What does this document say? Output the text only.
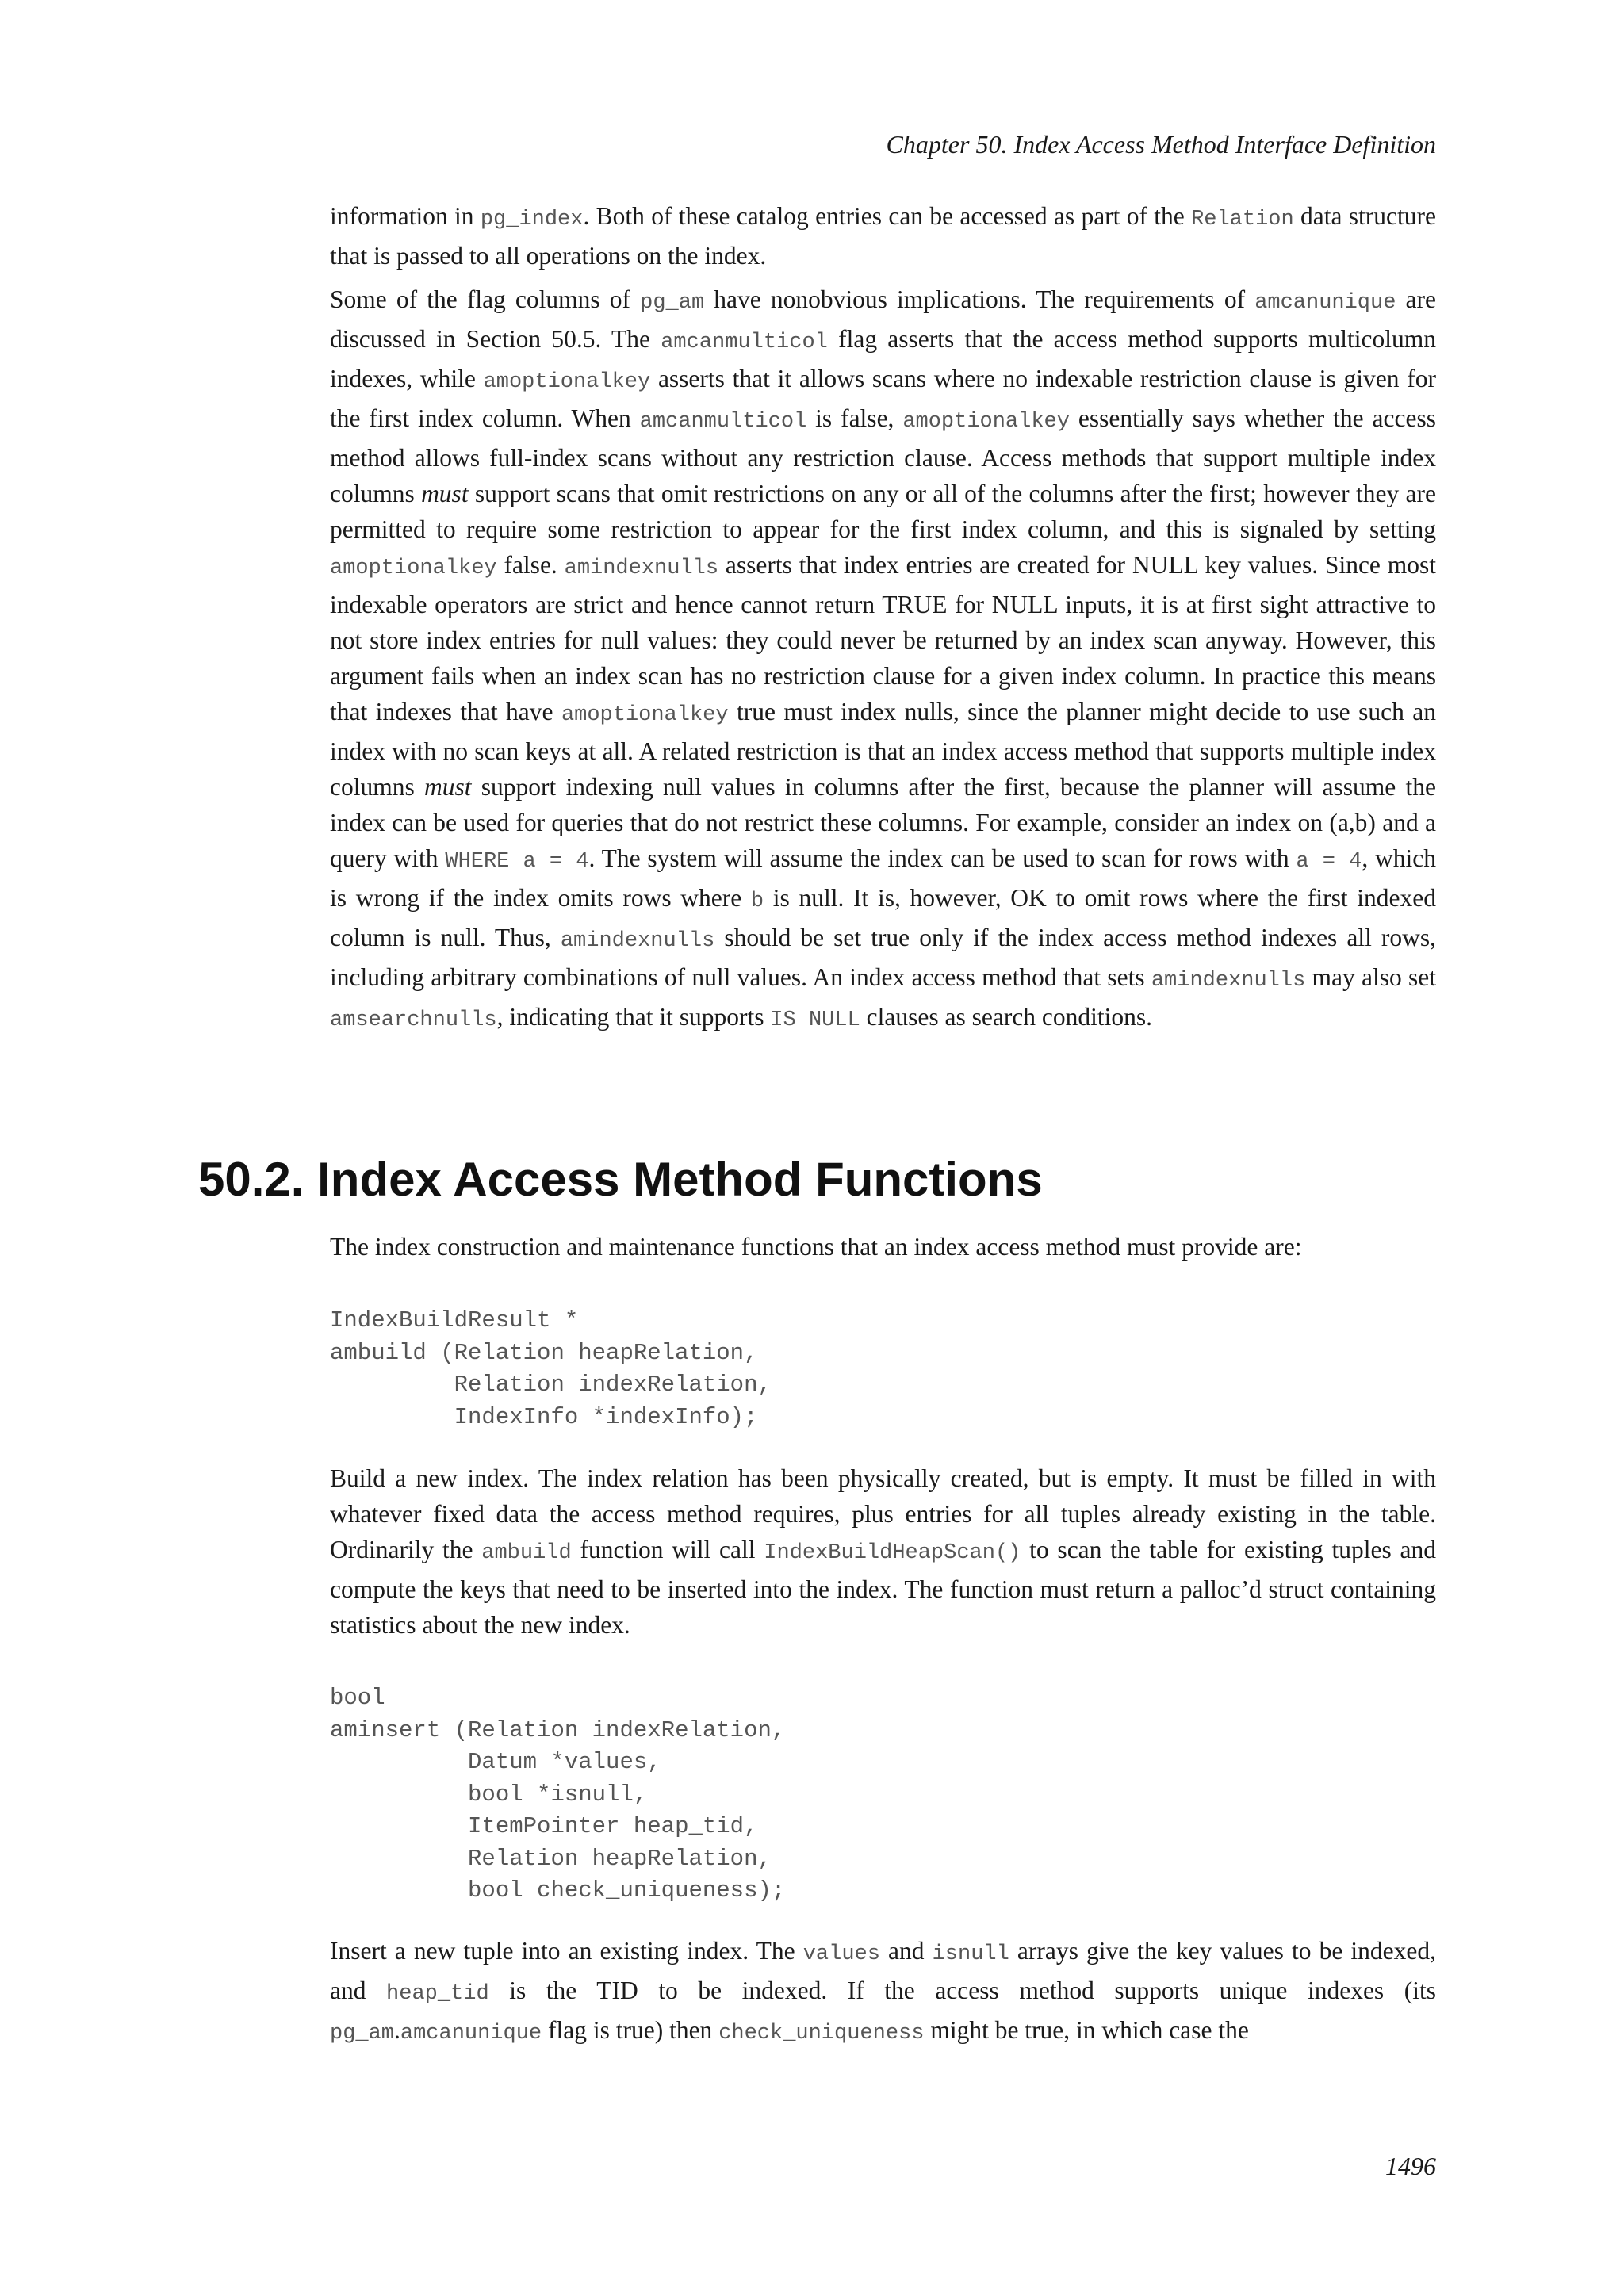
Chapter 50. Index Access Method Interface Definition

information in pg_index. Both of these catalog entries can be accessed as part of the Relation data structure that is passed to all operations on the index.

Some of the flag columns of pg_am have nonobvious implications. The requirements of amcanunique are discussed in Section 50.5. The amcanmulticol flag asserts that the access method supports multicolumn indexes, while amoptionalkey asserts that it allows scans where no indexable restriction clause is given for the first index column. When amcanmulticol is false, amoptionalkey essentially says whether the access method allows full-index scans without any restriction clause. Access methods that support multiple index columns must support scans that omit restrictions on any or all of the columns after the first; however they are permitted to require some restriction to appear for the first index column, and this is signaled by setting amoptionalkey false. amindexnulls asserts that index entries are created for NULL key values. Since most indexable operators are strict and hence cannot return TRUE for NULL inputs, it is at first sight attractive to not store index entries for null values: they could never be returned by an index scan anyway. However, this argument fails when an index scan has no restriction clause for a given index column. In practice this means that indexes that have amoptionalkey true must index nulls, since the planner might decide to use such an index with no scan keys at all. A related restriction is that an index access method that supports multiple index columns must support indexing null values in columns after the first, because the planner will assume the index can be used for queries that do not restrict these columns. For example, consider an index on (a,b) and a query with WHERE a = 4. The system will assume the index can be used to scan for rows with a = 4, which is wrong if the index omits rows where b is null. It is, however, OK to omit rows where the first indexed column is null. Thus, amindexnulls should be set true only if the index access method indexes all rows, including arbitrary combinations of null values. An index access method that sets amindexnulls may also set amsearchnulls, indicating that it supports IS NULL clauses as search conditions.

50.2. Index Access Method Functions

The index construction and maintenance functions that an index access method must provide are:

IndexBuildResult *
ambuild (Relation heapRelation,
Relation indexRelation,
IndexInfo *indexInfo);

Build a new index. The index relation has been physically created, but is empty. It must be filled in with whatever fixed data the access method requires, plus entries for all tuples already existing in the table. Ordinarily the ambuild function will call IndexBuildHeapScan() to scan the table for existing tuples and compute the keys that need to be inserted into the index. The function must return a palloc’d struct containing statistics about the new index.

bool
aminsert (Relation indexRelation,
Datum *values,
bool *isnull,
ItemPointer heap_tid,
Relation heapRelation,
bool check_uniqueness);

Insert a new tuple into an existing index. The values and isnull arrays give the key values to be indexed, and heap_tid is the TID to be indexed. If the access method supports unique indexes (its pg_am.amcanunique flag is true) then check_uniqueness might be true, in which case the

1496
